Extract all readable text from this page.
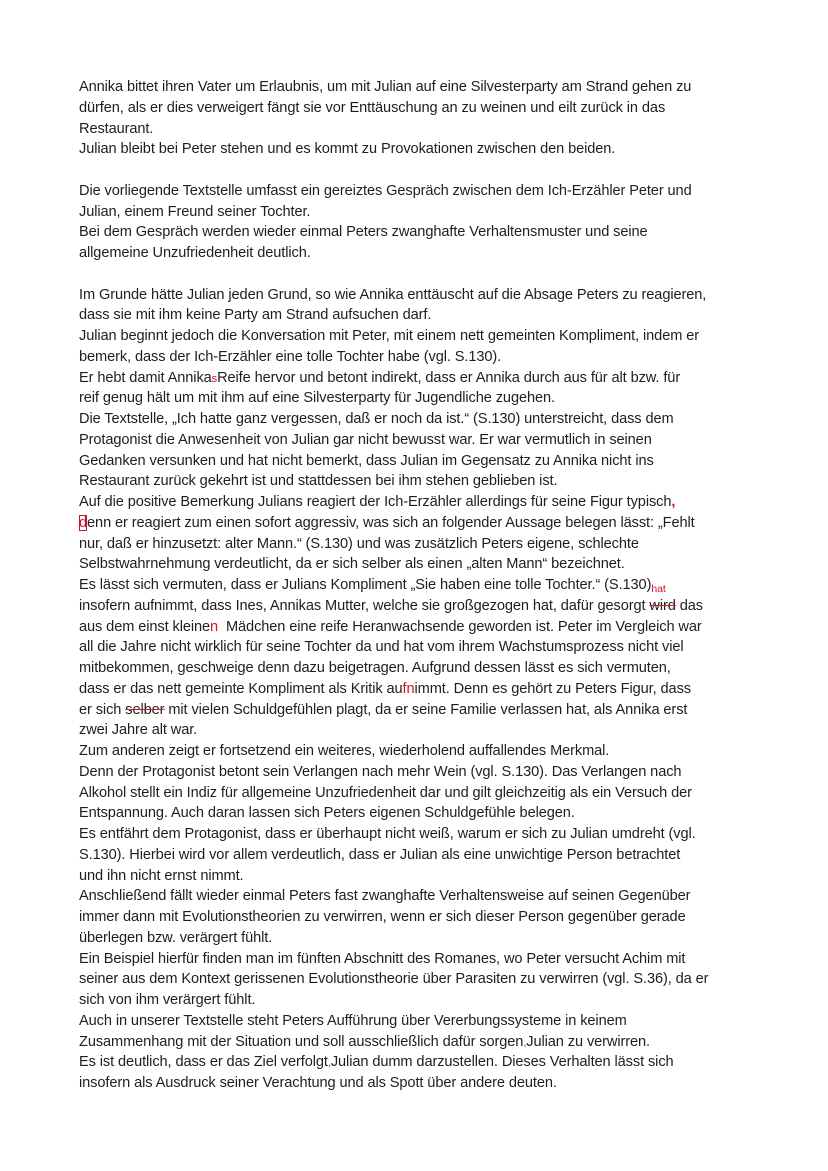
Annika bittet ihren Vater um Erlaubnis, um mit Julian auf eine Silvesterparty am Strand gehen zu
dürfen, als er dies verweigert fängt sie vor Enttäuschung an zu weinen und eilt zurück in das
Restaurant.
Julian bleibt bei Peter stehen und es kommt zu Provokationen zwischen den beiden.
Die vorliegende Textstelle umfasst ein gereiztes Gespräch zwischen dem Ich-Erzähler Peter und
Julian, einem Freund seiner Tochter.
Bei dem Gespräch werden wieder einmal Peters zwanghafte Verhaltensmuster und seine
allgemeine Unzufriedenheit deutlich.
Im Grunde hätte Julian jeden Grund, so wie Annika enttäuscht auf die Absage Peters zu reagieren,
dass sie mit ihm keine Party am Strand aufsuchen darf.
Julian beginnt jedoch die Konversation mit Peter, mit einem nett gemeinten Kompliment, indem er
bemerk, dass der Ich-Erzähler eine tolle Tochter habe (vgl. S.130).
Er hebt damit AnnikasReife hervor und betont indirekt, dass er Annika durch aus für alt bzw. für
reif genug hält um mit ihm auf eine Silvesterparty für Jugendliche zugehen.
Die Textstelle, „Ich hatte ganz vergessen, daß er noch da ist.“ (S.130) unterstreicht, dass dem
Protagonist die Anwesenheit von Julian gar nicht bewusst war. Er war vermutlich in seinen
Gedanken versunken und hat nicht bemerkt, dass Julian im Gegensatz zu Annika nicht ins
Restaurant zurück gekehrt ist und stattdessen bei ihm stehen geblieben ist.
Auf die positive Bemerkung Julians reagiert der Ich-Erzähler allerdings für seine Figur typisch,
denn er reagiert zum einen sofort aggressiv, was sich an folgender Aussage belegen lässt: „Fehlt
nur, daß er hinzusetzt: alter Mann.“ (S.130) und was zusätzlich Peters eigene, schlechte
Selbstwahrnehmung verdeutlicht, da er sich selber als einen „alten Mann“ bezeichnet.
Es lässt sich vermuten, dass er Julians Kompliment „Sie haben eine tolle Tochter.“ (S.130)
insofern aufnimmt, dass Ines, Annikas Mutter, welche sie großgezogen hat, dafür gesorgt
hat
wird das
aus dem einst kleinen  Mädchen eine reife Heranwachsende geworden ist. Peter im Vergleich war
all die Jahre nicht wirklich für seine Tochter da und hat vom ihrem Wachstumsprozess nicht viel
mitbekommen, geschweige denn dazu beigetragen. Aufgrund dessen lässt es sich vermuten,
dass er das nett gemeinte Kompliment als Kritik aufnimmt. Denn es gehört zu Peters Figur, dass
er sich selber mit vielen Schuldgefühlen plagt, da er seine Familie verlassen hat, als Annika erst
zwei Jahre alt war.
Zum anderen zeigt er fortsetzend ein weiteres, wiederholend auffallendes Merkmal.
Denn der Protagonist betont sein Verlangen nach mehr Wein (vgl. S.130). Das Verlangen nach
Alkohol stellt ein Indiz für allgemeine Unzufriedenheit dar und gilt gleichzeitig als ein Versuch der
Entspannung. Auch daran lassen sich Peters eigenen Schuldgefühle belegen.
Es entfährt dem Protagonist, dass er überhaupt nicht weiß, warum er sich zu Julian umdreht (vgl.
S.130). Hierbei wird vor allem verdeutlich, dass er Julian als eine unwichtige Person betrachtet
und ihn nicht ernst nimmt.
Anschließend fällt wieder einmal Peters fast zwanghafte Verhaltensweise auf seinen Gegenüber
immer dann mit Evolutionstheorien zu verwirren, wenn er sich dieser Person gegenüber gerade
überlegen bzw. verärgert fühlt.
Ein Beispiel hierfür finden man im fünften Abschnitt des Romanes, wo Peter versucht Achim mit
seiner aus dem Kontext gerissenen Evolutionstheorie über Parasiten zu verwirren (vgl. S.36), da er
sich von ihm verärgert fühlt.
Auch in unserer Textstelle steht Peters Aufführung über Vererbungssysteme in keinem
Zusammenhang mit der Situation und soll ausschließlich dafür sorgen,Julian zu verwirren.
Es ist deutlich, dass er das Ziel verfolgt,Julian dumm darzustellen. Dieses Verhalten lässt sich
insofern als Ausdruck seiner Verachtung und als Spott über andere deuten.
